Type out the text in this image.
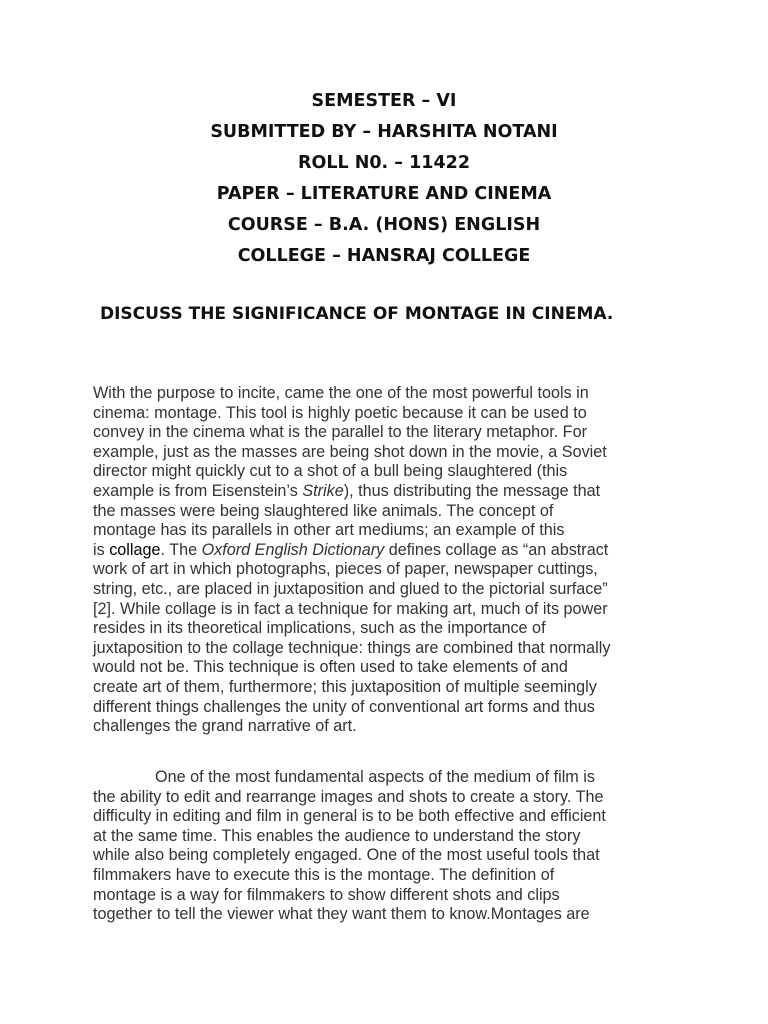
SEMESTER – VI
SUBMITTED BY – HARSHITA NOTANI
ROLL N0. – 11422
PAPER – LITERATURE AND CINEMA
COURSE – B.A. (HONS) ENGLISH
COLLEGE – HANSRAJ COLLEGE
DISCUSS THE SIGNIFICANCE OF MONTAGE IN CINEMA.
With the purpose to incite, came the one of the most powerful tools in
cinema: montage. This tool is highly poetic because it can be used to
convey in the cinema what is the parallel to the literary metaphor. For
example, just as the masses are being shot down in the movie, a Soviet
director might quickly cut to a shot of a bull being slaughtered (this
example is from Eisenstein’s Strike), thus distributing the message that
the masses were being slaughtered like animals. The concept of
montage has its parallels in other art mediums; an example of this
is collage. The Oxford English Dictionary defines collage as “an abstract
work of art in which photographs, pieces of paper, newspaper cuttings,
string, etc., are placed in juxtaposition and glued to the pictorial surface”
[2]. While collage is in fact a technique for making art, much of its power
resides in its theoretical implications, such as the importance of
juxtaposition to the collage technique: things are combined that normally
would not be. This technique is often used to take elements of and
create art of them, furthermore; this juxtaposition of multiple seemingly
different things challenges the unity of conventional art forms and thus
challenges the grand narrative of art.
One of the most fundamental aspects of the medium of film is
the ability to edit and rearrange images and shots to create a story. The
difficulty in editing and film in general is to be both effective and efficient
at the same time. This enables the audience to understand the story
while also being completely engaged. One of the most useful tools that
filmmakers have to execute this is the montage. The definition of
montage is a way for filmmakers to show different shots and clips
together to tell the viewer what they want them to know.Montages are
